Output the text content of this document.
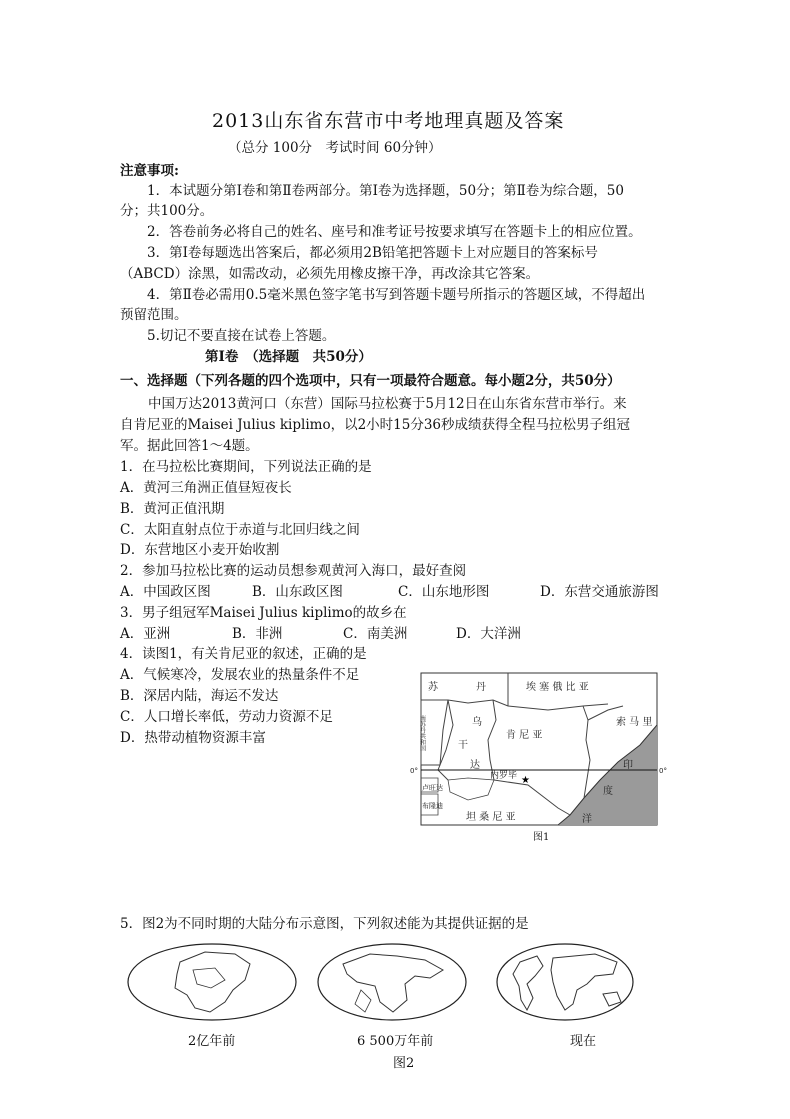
2013山东省东营市中考地理真题及答案
（总分 100分　考试时间 60分钟）
注意事项:
1．本试题分第Ⅰ卷和第Ⅱ卷两部分。第Ⅰ卷为选择题，50分；第Ⅱ卷为综合题，50
分；共100分。
2．答卷前务必将自己的姓名、座号和准考证号按要求填写在答题卡上的相应位置。
3．第Ⅰ卷每题选出答案后，都必须用2B铅笔把答题卡上对应题目的答案标号
（ABCD）涂黑，如需改动，必须先用橡皮擦干净，再改涂其它答案。
4．第Ⅱ卷必需用0.5毫米黑色签字笔书写到答题卡题号所指示的答题区域，不得超出
预留范围。
5.切记不要直接在试卷上答题。
第Ⅰ卷　（选择题　共50分）
一、选择题（下列各题的四个选项中，只有一项最符合题意。每小题2分，共50分）
中国万达2013黄河口（东营）国际马拉松赛于5月12日在山东省东营市举行。来
自肯尼亚的Maisei Julius kiplimo，以2小时15分36秒成绩获得全程马拉松男子组冠
军。据此回答1～4题。
1．在马拉松比赛期间，下列说法正确的是
A．黄河三角洲正值昼短夜长
B．黄河正值汛期
C．太阳直射点位于赤道与北回归线之间
D．东营地区小麦开始收割
2．参加马拉松比赛的运动员想参观黄河入海口，最好查阅
A．中国政区图	B．山东政区图	C．山东地形图	D．东营交通旅游图
3．男子组冠军Maisei Julius kiplimo的故乡在
A．亚洲	B．非洲	C．南美洲	D．大洋洲
4．读图1，有关肯尼亚的叙述，正确的是
A．气候寒冷，发展农业的热量条件不足
B．深居内陆，海运不发达
C．人口增长率低，劳动力资源不足
D．热带动植物资源丰富
★
苏	丹	埃 塞 俄 比 亚
南苏丹共和国	乌
干
达
肯 尼 亚
索 马 里
内罗毕
卢旺达
布隆迪
坦 桑 尼 亚
印
度
洋
0°	0°
图1
5．图2为不同时期的大陆分布示意图，下列叙述能为其提供证据的是
2亿年前	6 500万年前	现在
图2
